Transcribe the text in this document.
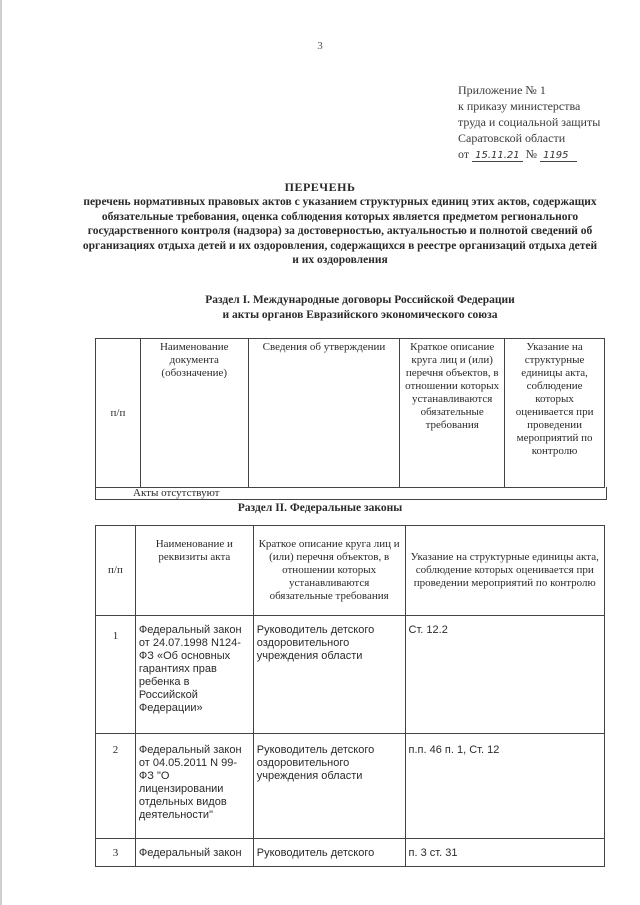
3
Приложение № 1
к приказу министерства
труда и социальной защиты
Саратовской области
от 15.11.21 № 1195
ПЕРЕЧЕНЬ
перечень нормативных правовых актов с указанием структурных единиц этих актов, содержащих обязательные требования, оценка соблюдения которых является предметом регионального государственного контроля (надзора) за достоверностью, актуальностью и полнотой сведений об организациях отдыха детей и их оздоровления, содержащихся в реестре организаций отдыха детей и их оздоровления
Раздел I. Международные договоры Российской Федерации
и акты органов Евразийского экономического союза
п/п	Наименование документа (обозначение)	Сведения об утверждении	Краткое описание круга лиц и (или) перечня объектов, в отношении которых устанавливаются обязательные требования	Указание на структурные единицы акта, соблюдение которых оценивается при проведении мероприятий по контролю
Акты отсутствуют
Раздел II. Федеральные законы
п/п	Наименование и реквизиты акта	Краткое описание круга лиц и (или) перечня объектов, в отношении которых устанавливаются обязательные требования	Указание на структурные единицы акта, соблюдение которых оценивается при проведении мероприятий по контролю
1	Федеральный закон от 24.07.1998 N124-ФЗ «Об основных гарантиях прав ребенка в Российской Федерации»	Руководитель детского оздоровительного учреждения области	Ст. 12.2
2	Федеральный закон от 04.05.2011 N 99-ФЗ "О лицензировании отдельных видов деятельности"	Руководитель детского оздоровительного учреждения области	п.п. 46 п. 1, Ст. 12
3	Федеральный закон	Руководитель детского	п. 3 ст. 31
